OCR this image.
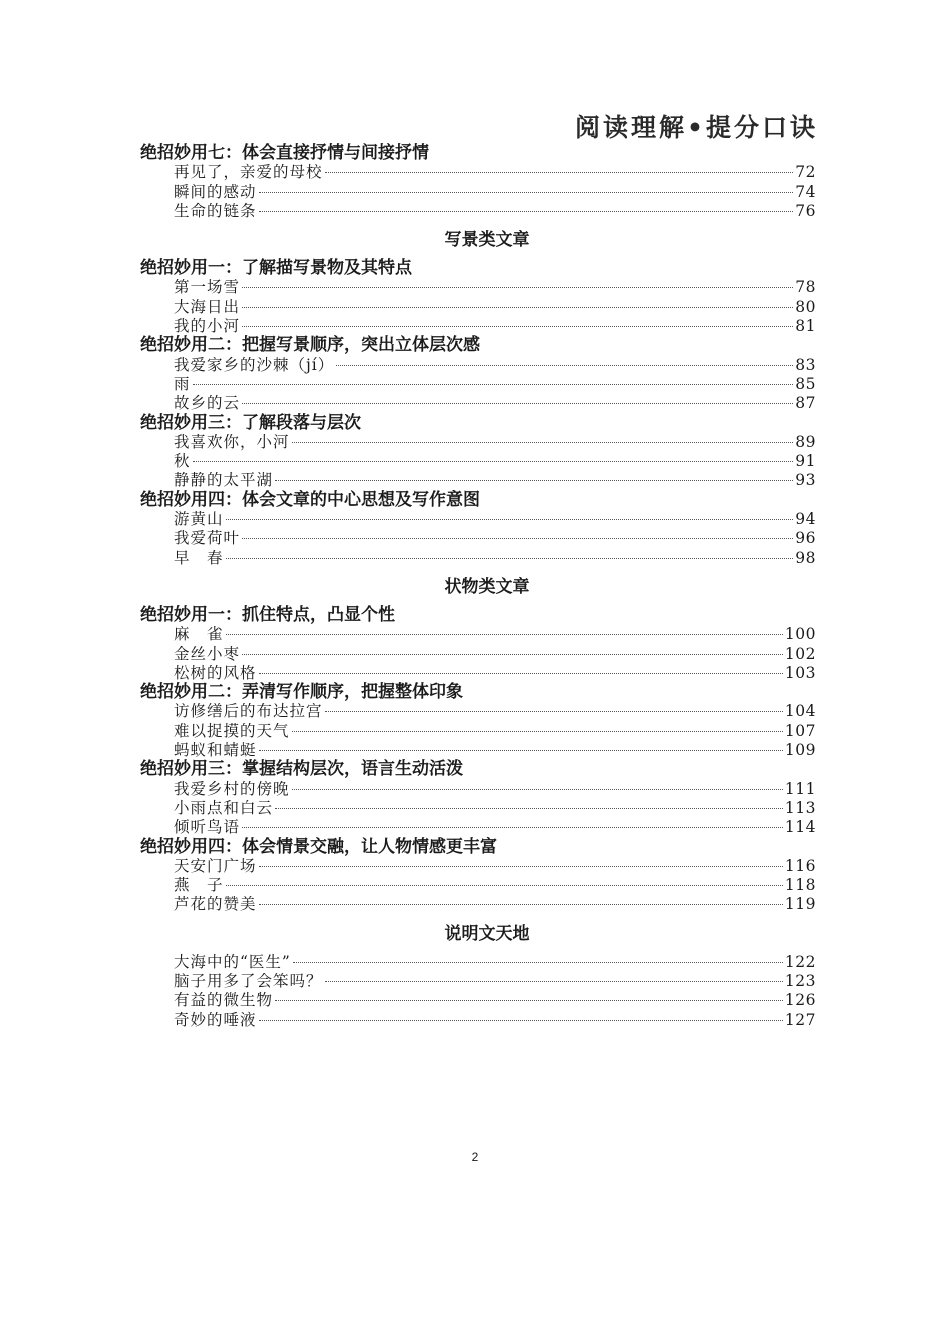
阅读理解•提分口诀
绝招妙用七：体会直接抒情与间接抒情
再见了，亲爱的母校	72
瞬间的感动	74
生命的链条	76
写景类文章
绝招妙用一：了解描写景物及其特点
第一场雪	78
大海日出	80
我的小河	81
绝招妙用二：把握写景顺序，突出立体层次感
我爱家乡的沙棘（jí）	83
雨	85
故乡的云	87
绝招妙用三：了解段落与层次
我喜欢你，小河	89
秋	91
静静的太平湖	93
绝招妙用四：体会文章的中心思想及写作意图
游黄山	94
我爱荷叶	96
早　春	98
状物类文章
绝招妙用一：抓住特点，凸显个性
麻　雀	100
金丝小枣	102
松树的风格	103
绝招妙用二：弄清写作顺序，把握整体印象
访修缮后的布达拉宫	104
难以捉摸的天气	107
蚂蚁和蜻蜓	109
绝招妙用三：掌握结构层次，语言生动活泼
我爱乡村的傍晚	111
小雨点和白云	113
倾听鸟语	114
绝招妙用四：体会情景交融，让人物情感更丰富
天安门广场	116
燕　子	118
芦花的赞美	119
说明文天地
大海中的“医生”	122
脑子用多了会笨吗？	123
有益的微生物	126
奇妙的唾液	127
2
